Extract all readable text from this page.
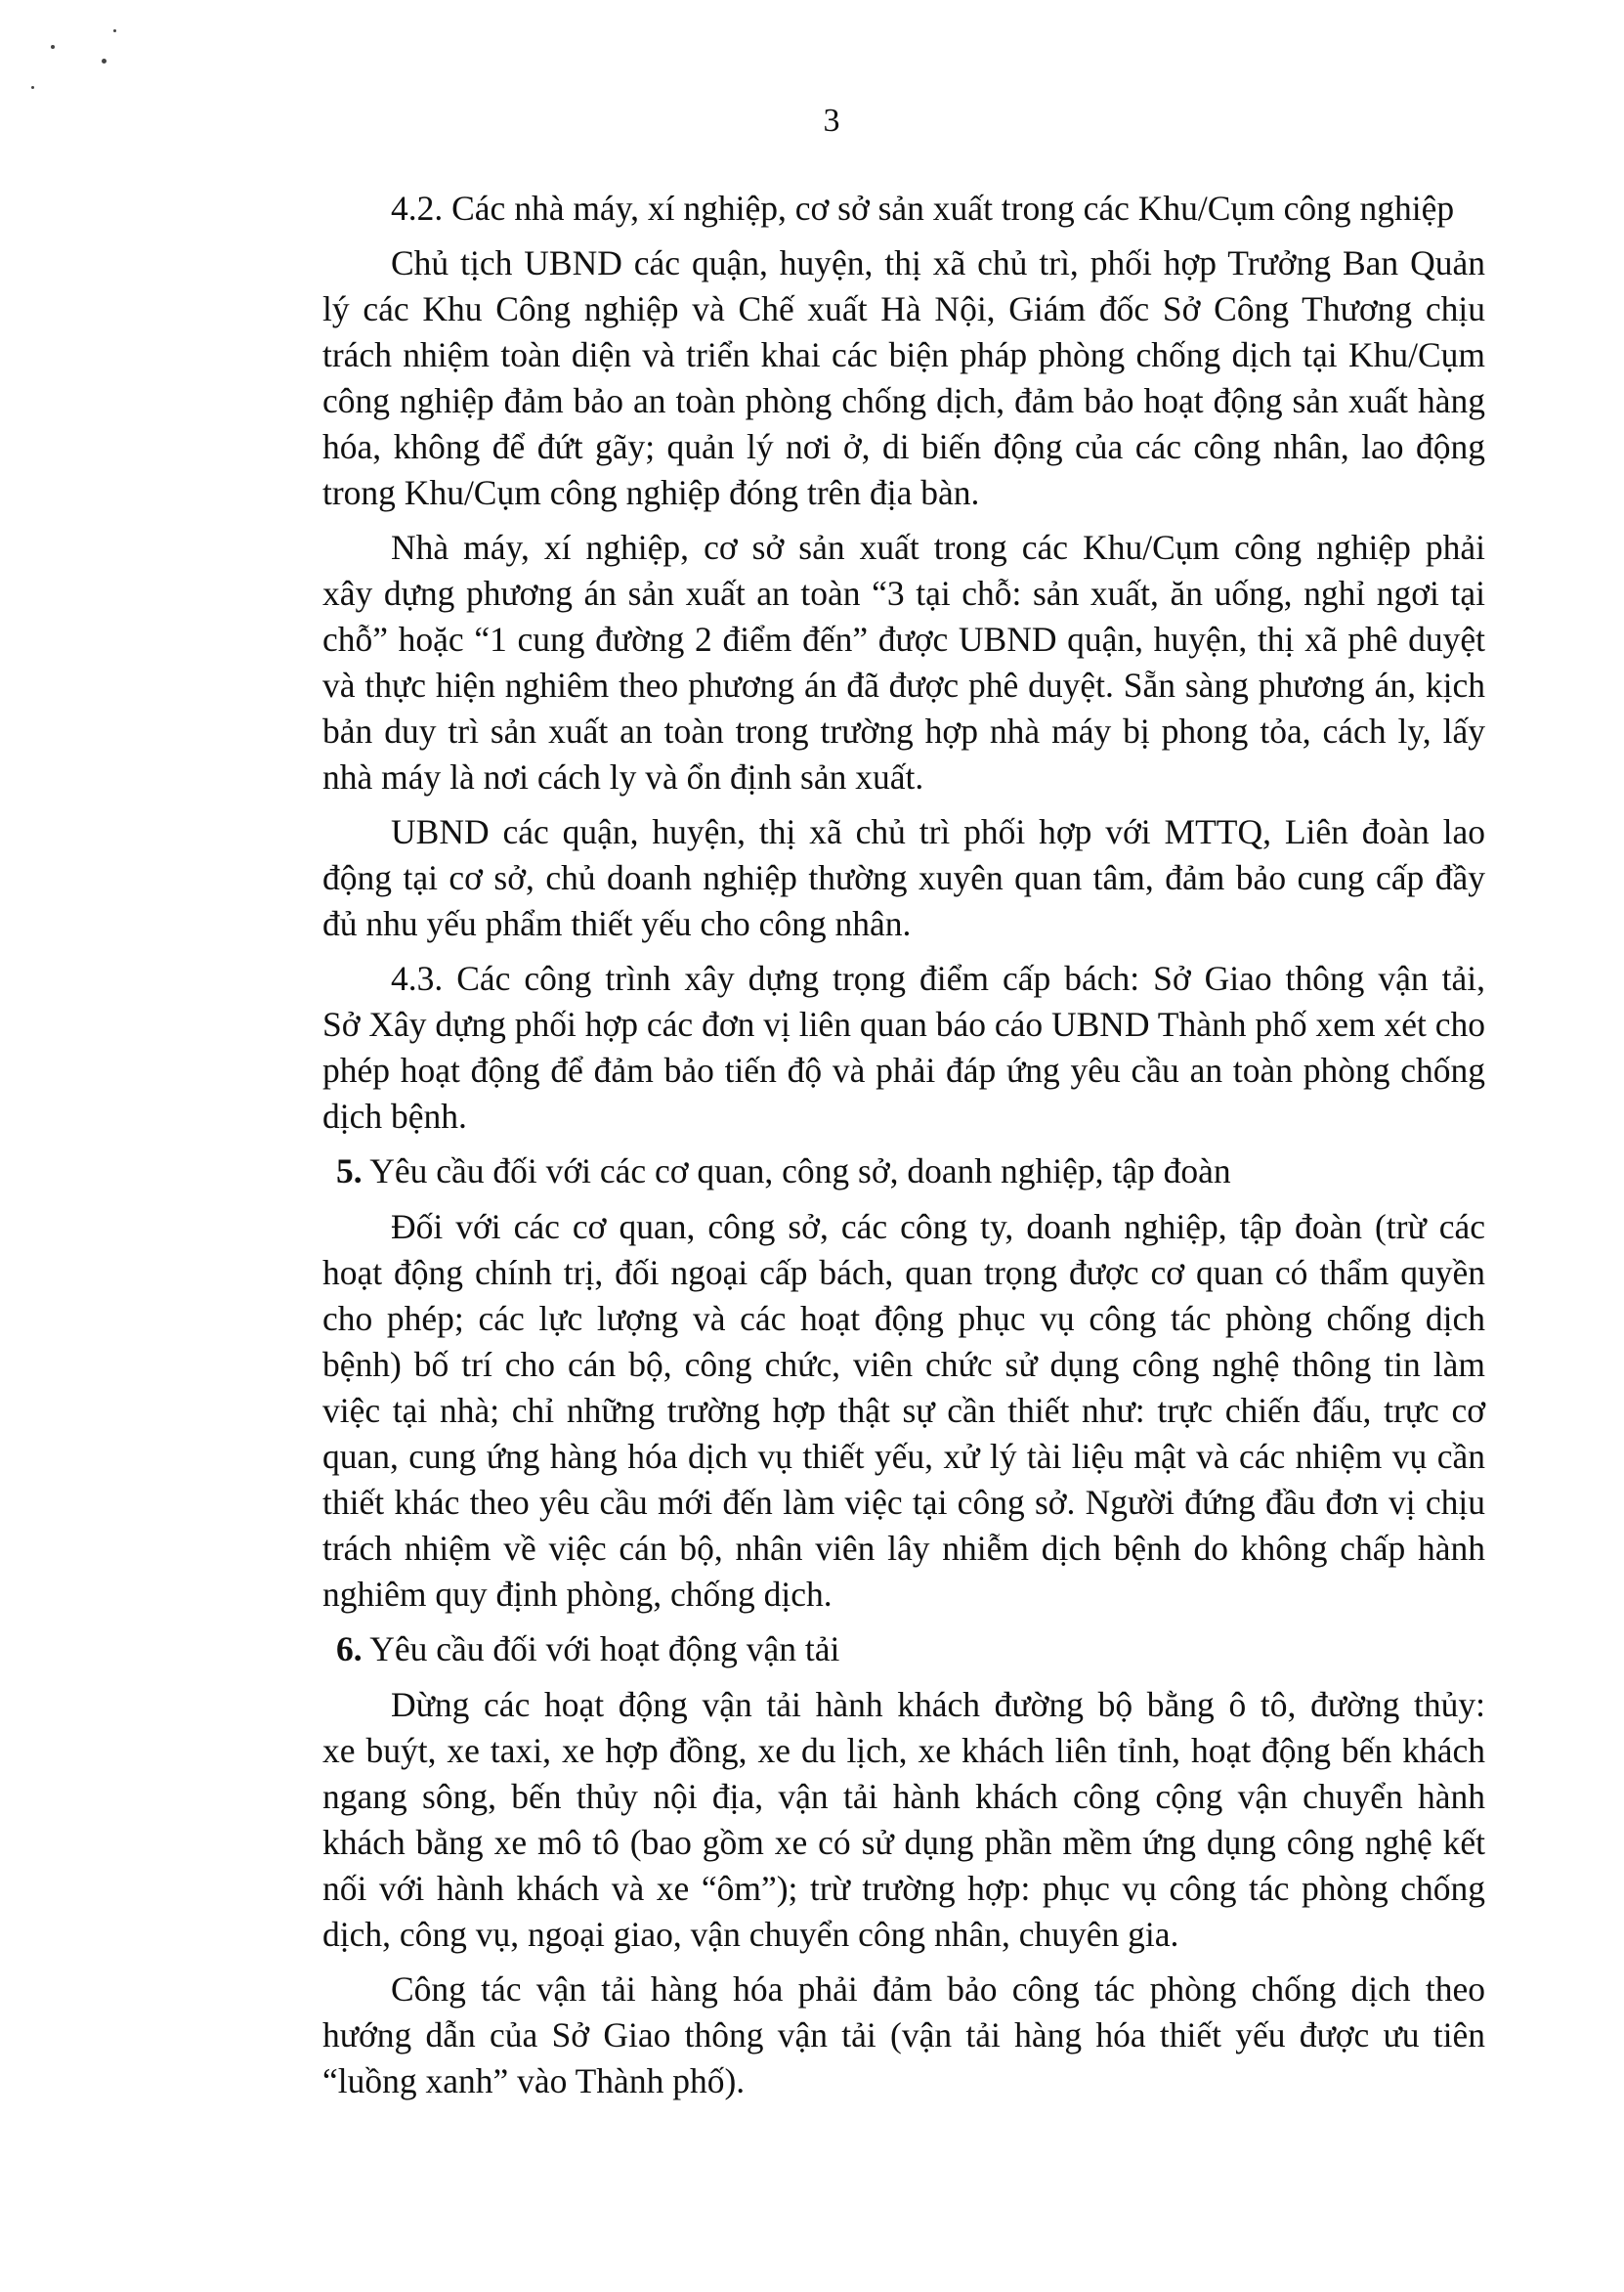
3

4.2. Các nhà máy, xí nghiệp, cơ sở sản xuất trong các Khu/Cụm công nghiệp

Chủ tịch UBND các quận, huyện, thị xã chủ trì, phối hợp Trưởng Ban Quản
lý các Khu Công nghiệp và Chế xuất Hà Nội, Giám đốc Sở Công Thương chịu trách nhiệm toàn diện và triển khai các biện pháp phòng chống dịch tại Khu/Cụm công nghiệp đảm bảo an toàn phòng chống dịch, đảm bảo hoạt động sản xuất hàng hóa, không để đứt gãy; quản lý nơi ở, di biến động của các công nhân, lao động trong Khu/Cụm công nghiệp đóng trên địa bàn.

Nhà máy, xí nghiệp, cơ sở sản xuất trong các Khu/Cụm công nghiệp phải
xây dựng phương án sản xuất an toàn “3 tại chỗ: sản xuất, ăn uống, nghỉ ngơi tại chỗ” hoặc “1 cung đường 2 điểm đến” được UBND quận, huyện, thị xã phê duyệt và thực hiện nghiêm theo phương án đã được phê duyệt. Sẵn sàng phương án, kịch bản duy trì sản xuất an toàn trong trường hợp nhà máy bị phong tỏa, cách ly, lấy nhà máy là nơi cách ly và ổn định sản xuất.

UBND các quận, huyện, thị xã chủ trì phối hợp với MTTQ, Liên đoàn lao
động tại cơ sở, chủ doanh nghiệp thường xuyên quan tâm, đảm bảo cung cấp đầy đủ nhu yếu phẩm thiết yếu cho công nhân.

4.3. Các công trình xây dựng trọng điểm cấp bách: Sở Giao thông vận tải,
Sở Xây dựng phối hợp các đơn vị liên quan báo cáo UBND Thành phố xem xét cho phép hoạt động để đảm bảo tiến độ và phải đáp ứng yêu cầu an toàn phòng chống dịch bệnh.

5. Yêu cầu đối với các cơ quan, công sở, doanh nghiệp, tập đoàn

Đối với các cơ quan, công sở, các công ty, doanh nghiệp, tập đoàn (trừ các
hoạt động chính trị, đối ngoại cấp bách, quan trọng được cơ quan có thẩm quyền cho phép; các lực lượng và các hoạt động phục vụ công tác phòng chống dịch bệnh) bố trí cho cán bộ, công chức, viên chức sử dụng công nghệ thông tin làm việc tại nhà; chỉ những trường hợp thật sự cần thiết như: trực chiến đấu, trực cơ quan, cung ứng hàng hóa dịch vụ thiết yếu, xử lý tài liệu mật và các nhiệm vụ cần thiết khác theo yêu cầu mới đến làm việc tại công sở. Người đứng đầu đơn vị chịu trách nhiệm về việc cán bộ, nhân viên lây nhiễm dịch bệnh do không chấp hành nghiêm quy định phòng, chống dịch.

6. Yêu cầu đối với hoạt động vận tải

Dừng các hoạt động vận tải hành khách đường bộ bằng ô tô, đường thủy:
xe buýt, xe taxi, xe hợp đồng, xe du lịch, xe khách liên tỉnh, hoạt động bến khách ngang sông, bến thủy nội địa, vận tải hành khách công cộng vận chuyển hành khách bằng xe mô tô (bao gồm xe có sử dụng phần mềm ứng dụng công nghệ kết nối với hành khách và xe “ôm”); trừ trường hợp: phục vụ công tác phòng chống dịch, công vụ, ngoại giao, vận chuyển công nhân, chuyên gia.

Công tác vận tải hàng hóa phải đảm bảo công tác phòng chống dịch theo
hướng dẫn của Sở Giao thông vận tải (vận tải hàng hóa thiết yếu được ưu tiên “luồng xanh” vào Thành phố).
